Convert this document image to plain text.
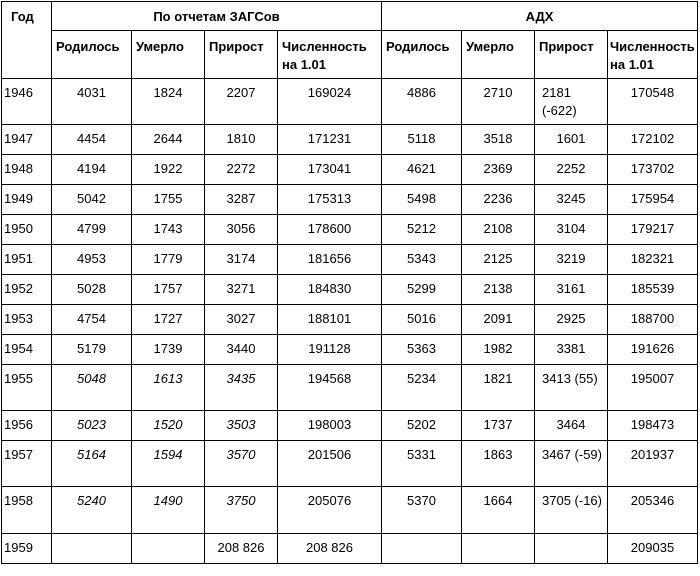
Год	По отчетам ЗАГСов				АДХ			
	Родилось	Умерло	Прирост	Численность на 1.01	Родилось	Умерло	Прирост	Численность на 1.01
1946	4031	1824	2207	169024	4886	2710	2181 (-622)	170548
1947	4454	2644	1810	171231	5118	3518	1601	172102
1948	4194	1922	2272	173041	4621	2369	2252	173702
1949	5042	1755	3287	175313	5498	2236	3245	175954
1950	4799	1743	3056	178600	5212	2108	3104	179217
1951	4953	1779	3174	181656	5343	2125	3219	182321
1952	5028	1757	3271	184830	5299	2138	3161	185539
1953	4754	1727	3027	188101	5016	2091	2925	188700
1954	5179	1739	3440	191128	5363	1982	3381	191626
1955	5048	1613	3435	194568	5234	1821	3413 (55)	195007
1956	5023	1520	3503	198003	5202	1737	3464	198473
1957	5164	1594	3570	201506	5331	1863	3467 (-59)	201937
1958	5240	1490	3750	205076	5370	1664	3705 (-16)	205346
1959			208 826	208 826				209035
